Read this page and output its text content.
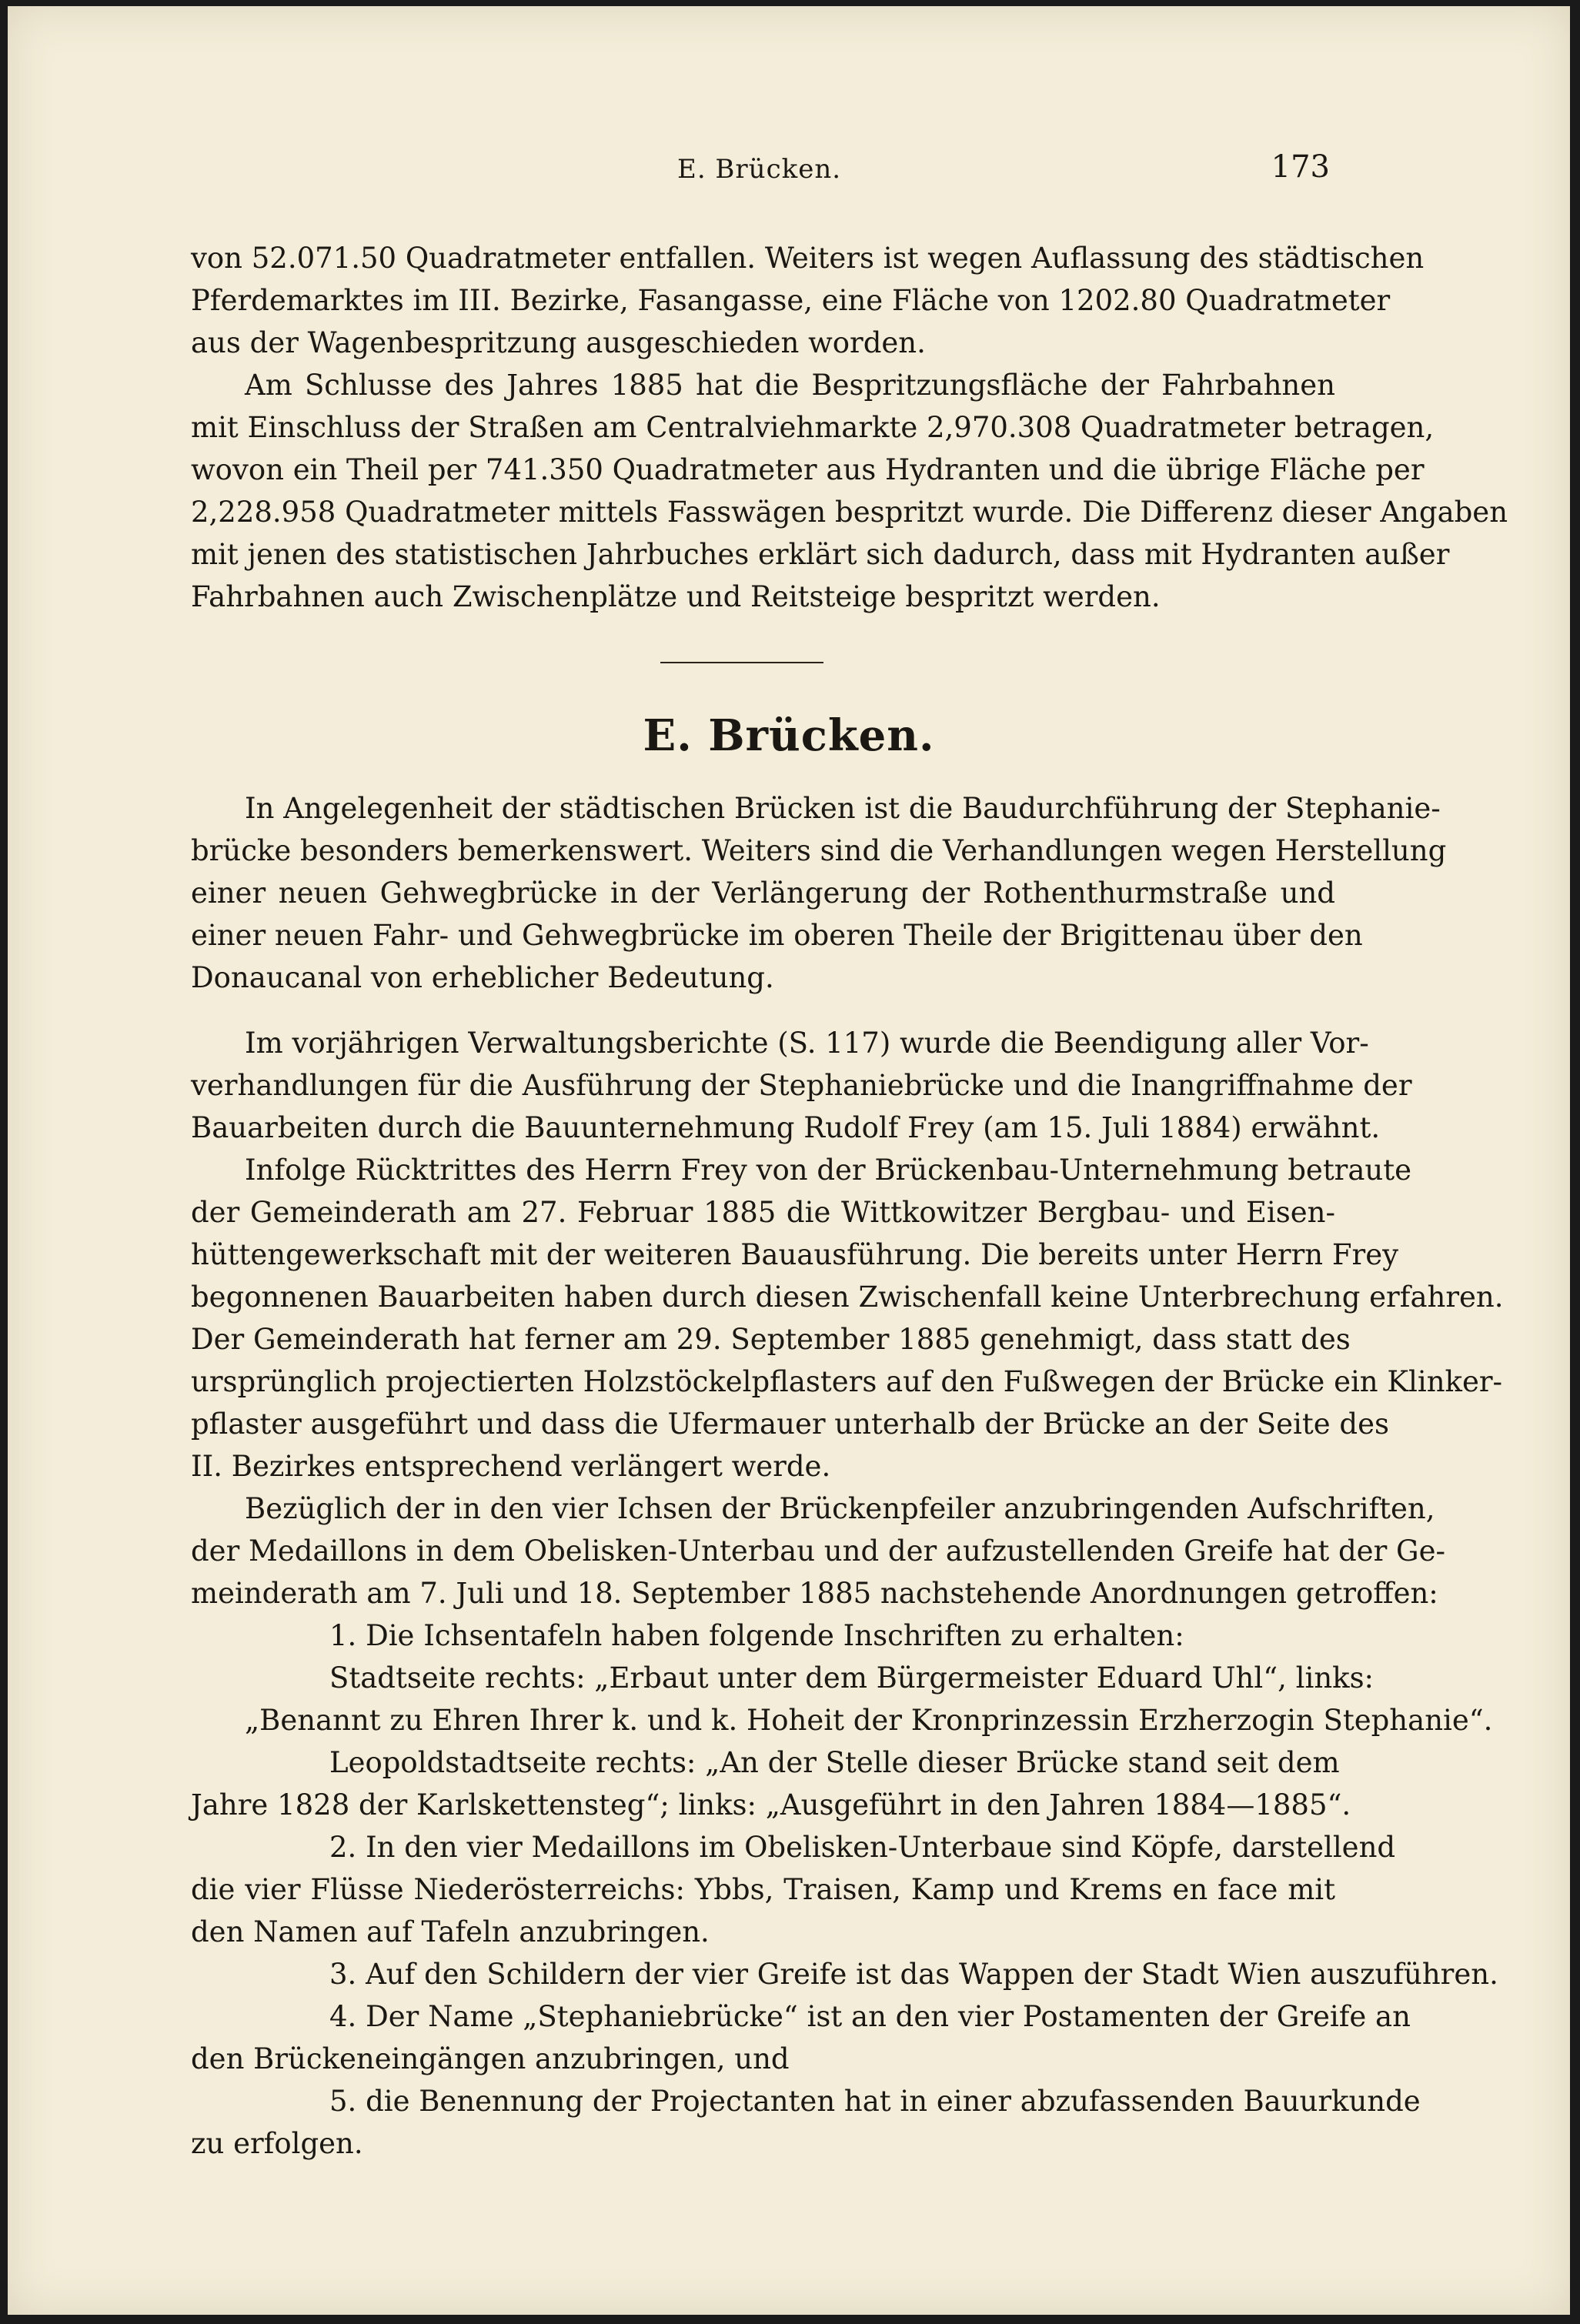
E. Brücken.	173
von 52.071.50 Quadratmeter entfallen. Weiters ist wegen Auflassung des städtischen
Pferdemarktes im III. Bezirke, Fasangasse, eine Fläche von 1202.80 Quadratmeter
aus der Wagenbespritzung ausgeschieden worden.
Am Schlusse des Jahres 1885 hat die Bespritzungsfläche der Fahrbahnen
mit Einschluss der Straßen am Centralviehmarkte 2,970.308 Quadratmeter betragen,
wovon ein Theil per 741.350 Quadratmeter aus Hydranten und die übrige Fläche per
2,228.958 Quadratmeter mittels Fasswägen bespritzt wurde. Die Differenz dieser Angaben
mit jenen des statistischen Jahrbuches erklärt sich dadurch, dass mit Hydranten außer
Fahrbahnen auch Zwischenplätze und Reitsteige bespritzt werden.
E. Brücken.
In Angelegenheit der städtischen Brücken ist die Baudurchführung der Stephanie-
brücke besonders bemerkenswert. Weiters sind die Verhandlungen wegen Herstellung
einer neuen Gehwegbrücke in der Verlängerung der Rothenthurmstraße und
einer neuen Fahr- und Gehwegbrücke im oberen Theile der Brigittenau über den
Donaucanal von erheblicher Bedeutung.
Im vorjährigen Verwaltungsberichte (S. 117) wurde die Beendigung aller Vor-
verhandlungen für die Ausführung der Stephaniebrücke und die Inangriffnahme der
Bauarbeiten durch die Bauunternehmung Rudolf Frey (am 15. Juli 1884) erwähnt.
Infolge Rücktrittes des Herrn Frey von der Brückenbau-Unternehmung betraute
der Gemeinderath am 27. Februar 1885 die Wittkowitzer Bergbau- und Eisen-
hüttengewerkschaft mit der weiteren Bauausführung. Die bereits unter Herrn Frey
begonnenen Bauarbeiten haben durch diesen Zwischenfall keine Unterbrechung erfahren.
Der Gemeinderath hat ferner am 29. September 1885 genehmigt, dass statt des
ursprünglich projectierten Holzstöckelpflasters auf den Fußwegen der Brücke ein Klinker-
pflaster ausgeführt und dass die Ufermauer unterhalb der Brücke an der Seite des
II. Bezirkes entsprechend verlängert werde.
Bezüglich der in den vier Ichsen der Brückenpfeiler anzubringenden Aufschriften,
der Medaillons in dem Obelisken-Unterbau und der aufzustellenden Greife hat der Ge-
meinderath am 7. Juli und 18. September 1885 nachstehende Anordnungen getroffen:
1. Die Ichsentafeln haben folgende Inschriften zu erhalten:
Stadtseite rechts: „Erbaut unter dem Bürgermeister Eduard Uhl“, links:
„Benannt zu Ehren Ihrer k. und k. Hoheit der Kronprinzessin Erzherzogin Stephanie“.
Leopoldstadtseite rechts: „An der Stelle dieser Brücke stand seit dem
Jahre 1828 der Karlskettensteg“; links: „Ausgeführt in den Jahren 1884—1885“.
2. In den vier Medaillons im Obelisken-Unterbaue sind Köpfe, darstellend
die vier Flüsse Niederösterreichs: Ybbs, Traisen, Kamp und Krems en face mit
den Namen auf Tafeln anzubringen.
3. Auf den Schildern der vier Greife ist das Wappen der Stadt Wien auszuführen.
4. Der Name „Stephaniebrücke“ ist an den vier Postamenten der Greife an
den Brückeneingängen anzubringen, und
5. die Benennung der Projectanten hat in einer abzufassenden Bauurkunde
zu erfolgen.
